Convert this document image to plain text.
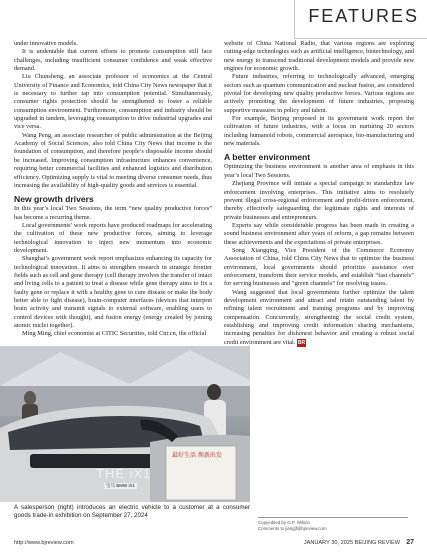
FEATURES

under innovative models.

It is undeniable that current efforts to promote consumption still face challenges, including insufficient consumer confidence and weak effective demand.

Liu Chunsheng, an associate professor of economics at the Central University of Finance and Economics, told China City News newspaper that it is necessary to further tap into consumption potential. Simultaneously, consumer rights protection should be strengthened to foster a reliable consumption environment. Furthermore, consumption and industry should be upgraded in tandem, leveraging consumption to drive industrial upgrades and vice versa.

Wang Peng, an associate researcher of public administration at the Beijing Academy of Social Sciences, also told China City News that income is the foundation of consumption, and therefore people’s disposable income should be increased. Improving consumption infrastructure enhances convenience, requiring better commercial facilities and enhanced logistics and distribution efficiency. Optimizing supply is vital to meeting diverse consumer needs, thus increasing the availability of high-quality goods and services is essential.

New growth drivers

In this year’s local Two Sessions, the term “new quality productive forces” has become a recurring theme.

Local governments’ work reports have produced roadmaps for accelerating the cultivation of these new productive forces, aiming to leverage technological innovation to inject new momentum into economic development.

Shanghai’s government work report emphasizes enhancing its capacity for technological innovation. It aims to strengthen research in strategic frontier fields such as cell and gene therapy (cell therapy involves the transfer of intact and living cells to a patient to treat a disease while gene therapy aims to fix a faulty gene or replace it with a healthy gene to cure disease or make the body better able to fight disease), brain-computer interfaces (devices that interpret brain activity and transmit signals to external software, enabling users to control devices with thought), and fusion energy (energy created by joining atomic nuclei together).

Ming Ming, chief economist at CITIC Securities, told Cnr.cn, the official

website of China National Radio, that various regions are exploring cutting-edge technologies such as artificial intelligence, biotechnology, and new energy to transcend traditional development models and provide new engines for economic growth.

Future industries, referring to technologically advanced, emerging sectors such as quantum communication and nuclear fusion, are considered pivotal for developing new quality productive forces. Various regions are actively promoting the development of future industries, proposing supportive measures in policy and talent.

For example, Beijing proposed in its government work report the cultivation of future industries, with a focus on nurturing 20 sectors including humanoid robots, commercial aerospace, bio-manufacturing and new materials.

A better environment

Optimizing the business environment is another area of emphasis in this year’s local Two Sessions.

Zhejiang Province will initiate a special campaign to standardize law enforcement involving enterprises. This initiative aims to resolutely prevent illegal cross-regional enforcement and profit-driven enforcement, thereby effectively safeguarding the legitimate rights and interests of private businesses and entrepreneurs.

Experts say while considerable progress has been made in creating a sound business environment after years of reform, a gap remains between these achievements and the expectations of private enterprises.

Song Xiangqing, Vice President of the Commerce Economy Association of China, told China City News that to optimize the business environment, local governments should prioritize assistance over enforcement, transform their service models, and establish “fast channels” for serving businesses and “green channels” for resolving issues.

Wang suggested that local governments further optimize the talent development environment and attract and retain outstanding talent by refining talent recruitment and training programs and by improving compensation. Concurrently, strengthening the social credit system, establishing and improving credit information sharing mechanisms, increasing penalties for dishonest behavior and creating a robust social credit environment are vital. BR

THE iX1
宝马 BMW iX1
最好生活 焕新出发
A salesperson (right) introduces an electric vehicle to a customer at a consumer goods trade-in exhibition on September 27, 2024
Copyedited by G.P. Wilson
Comments to jiangjf@bjreview.com
http://www.bjreview.com	JANUARY 30, 2025 BEIJING REVIEW 27
